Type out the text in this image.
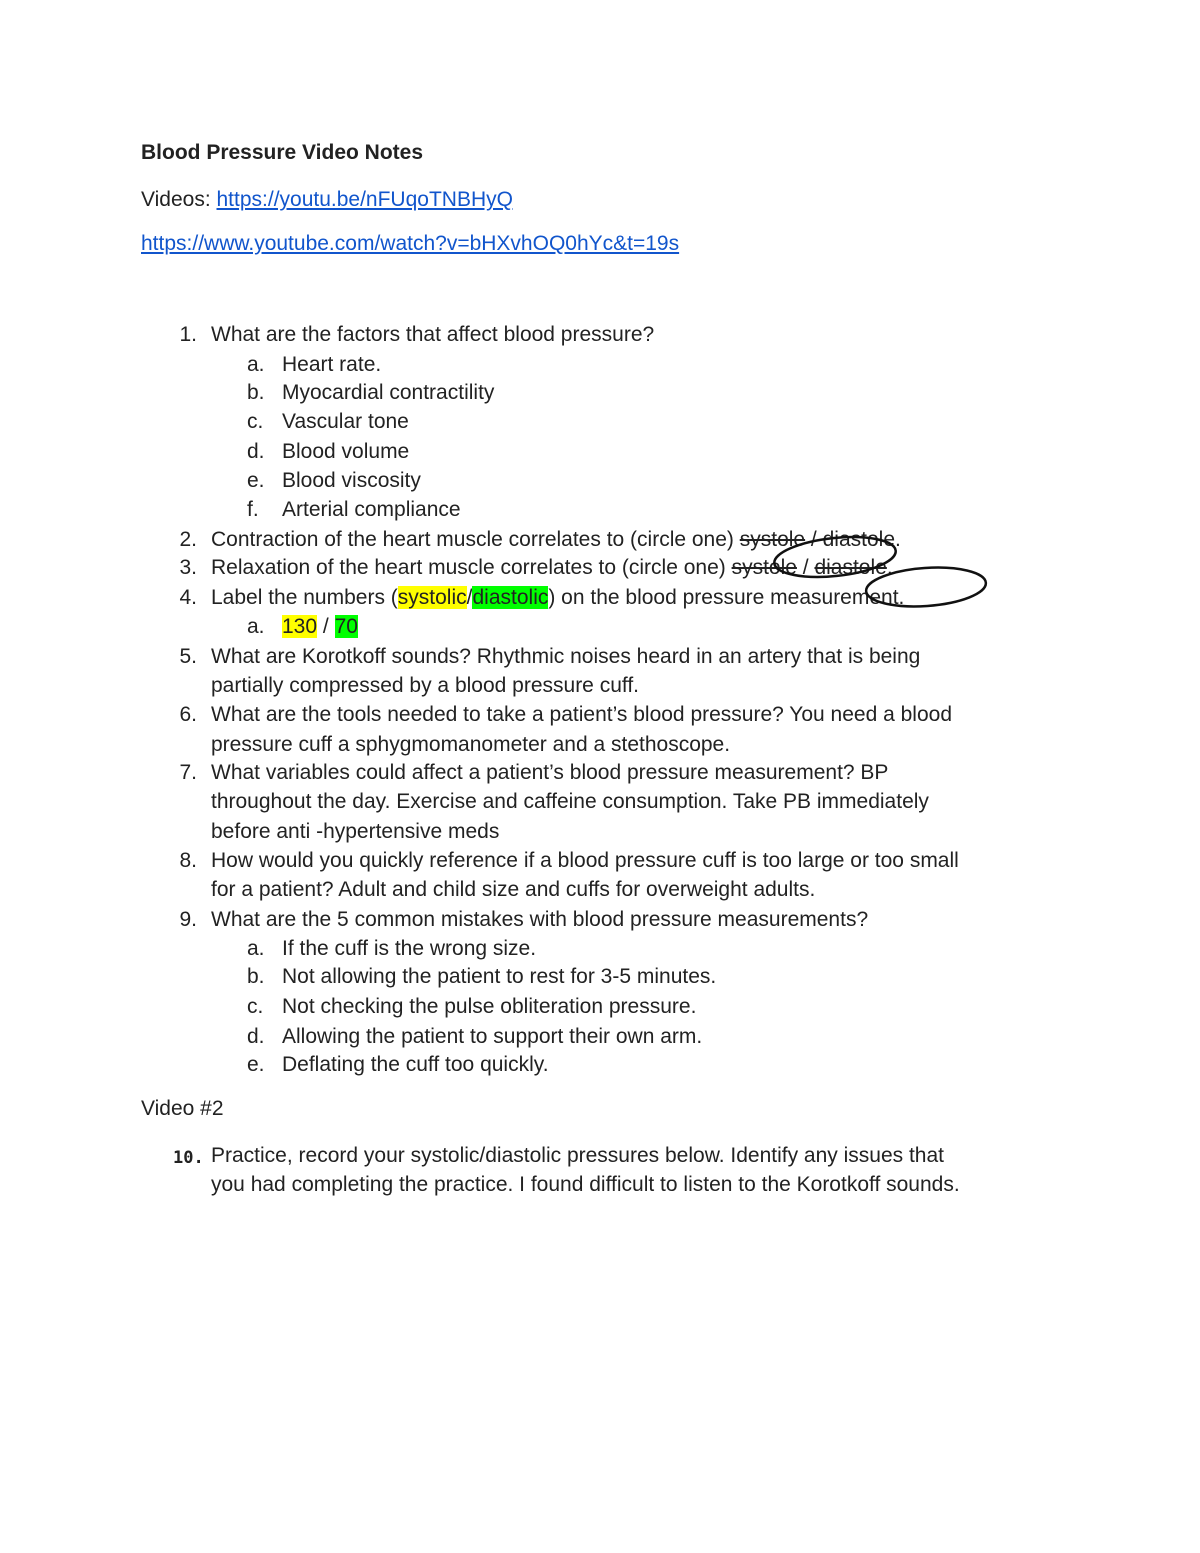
Blood Pressure Video Notes
Videos: https://youtu.be/nFUqoTNBHyQ
https://www.youtube.com/watch?v=bHXvhOQ0hYc&t=19s
1. What are the factors that affect blood pressure?
a. Heart rate.
b. Myocardial contractility
c. Vascular tone
d. Blood volume
e. Blood viscosity
f. Arterial compliance
2. Contraction of the heart muscle correlates to (circle one) systole / diastole.
3. Relaxation of the heart muscle correlates to (circle one) systole / diastole.
4. Label the numbers (systolic/diastolic) on the blood pressure measurement.
a. 130 / 70
5. What are Korotkoff sounds? Rhythmic noises heard in an artery that is being
partially compressed by a blood pressure cuff.
6. What are the tools needed to take a patient’s blood pressure? You need a blood
pressure cuff a sphygmomanometer and a stethoscope.
7. What variables could affect a patient’s blood pressure measurement? BP
throughout the day. Exercise and caffeine consumption. Take PB immediately
before anti -hypertensive meds
8. How would you quickly reference if a blood pressure cuff is too large or too small
for a patient? Adult and child size and cuffs for overweight adults.
9. What are the 5 common mistakes with blood pressure measurements?
a. If the cuff is the wrong size.
b. Not allowing the patient to rest for 3-5 minutes.
c. Not checking the pulse obliteration pressure.
d. Allowing the patient to support their own arm.
e. Deflating the cuff too quickly.
Video #2
10. Practice, record your systolic/diastolic pressures below. Identify any issues that
you had completing the practice. I found difficult to listen to the Korotkoff sounds.
